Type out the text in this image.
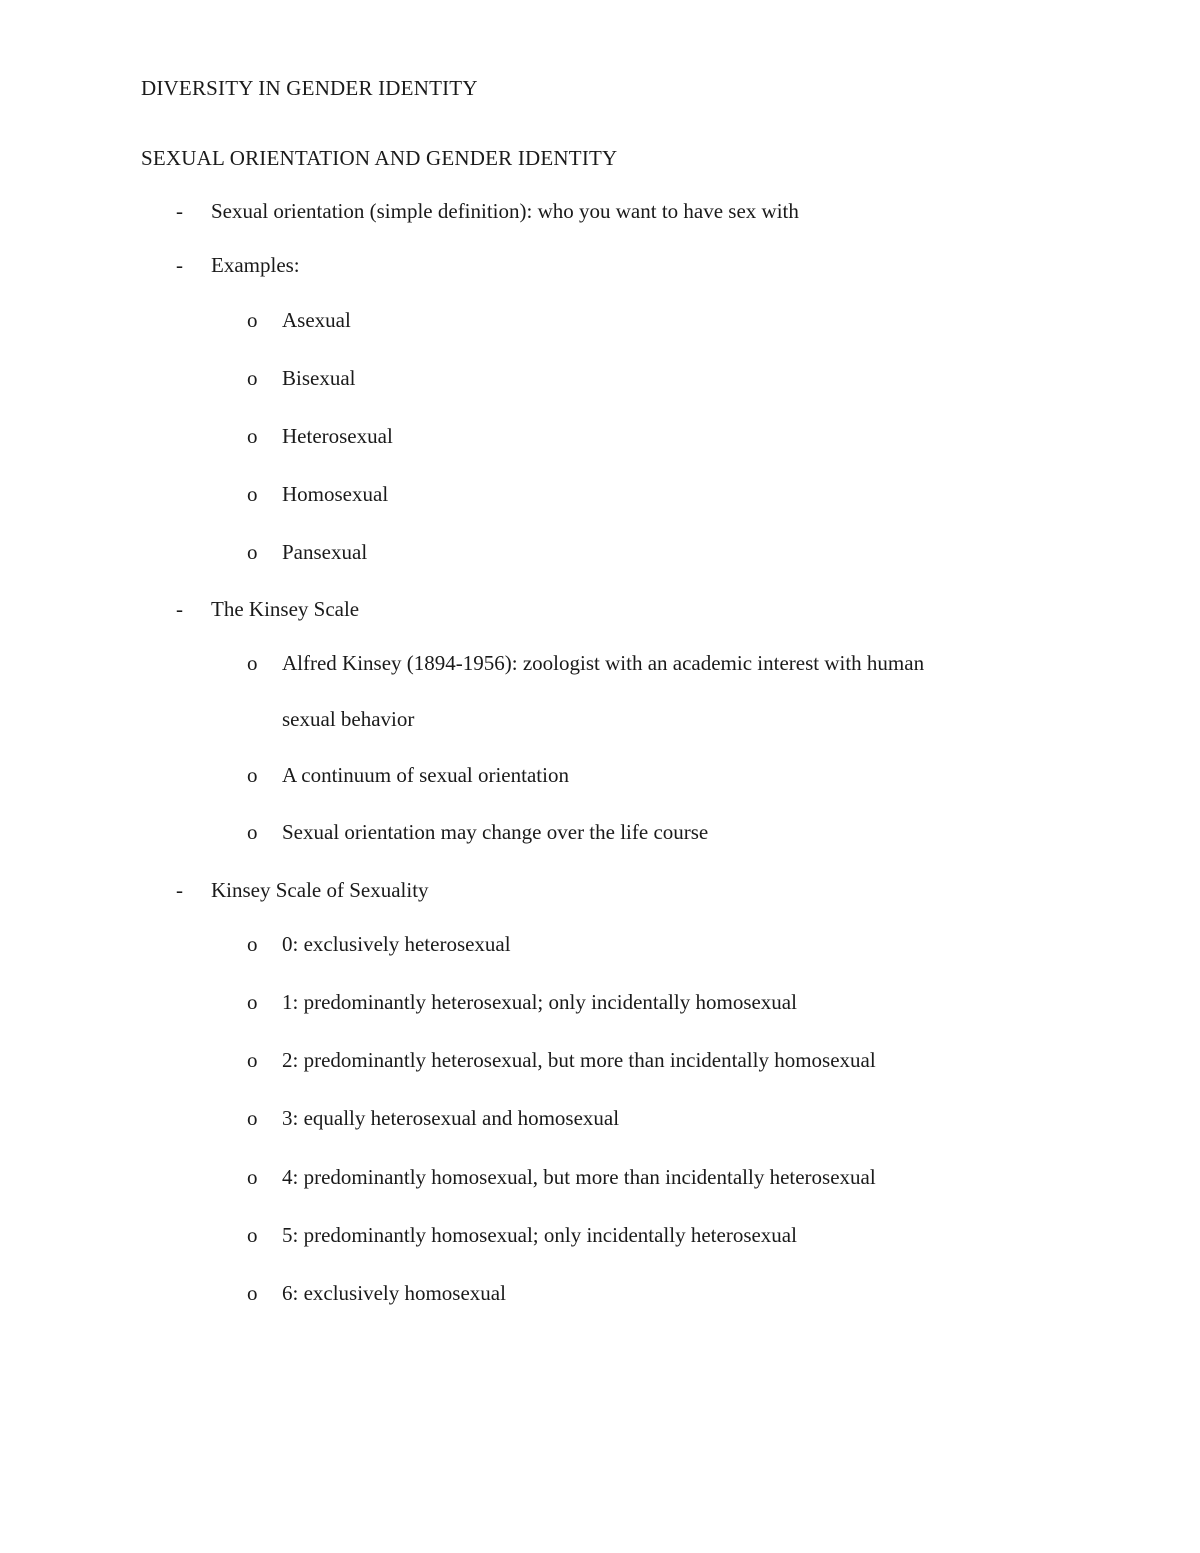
DIVERSITY IN GENDER IDENTITY
SEXUAL ORIENTATION AND GENDER IDENTITY
- Sexual orientation (simple definition): who you want to have sex with
- Examples:
o Asexual
o Bisexual
o Heterosexual
o Homosexual
o Pansexual
- The Kinsey Scale
o Alfred Kinsey (1894-1956): zoologist with an academic interest with human
sexual behavior
o A continuum of sexual orientation
o Sexual orientation may change over the life course
- Kinsey Scale of Sexuality
o 0: exclusively heterosexual
o 1: predominantly heterosexual; only incidentally homosexual
o 2: predominantly heterosexual, but more than incidentally homosexual
o 3: equally heterosexual and homosexual
o 4: predominantly homosexual, but more than incidentally heterosexual
o 5: predominantly homosexual; only incidentally heterosexual
o 6: exclusively homosexual
